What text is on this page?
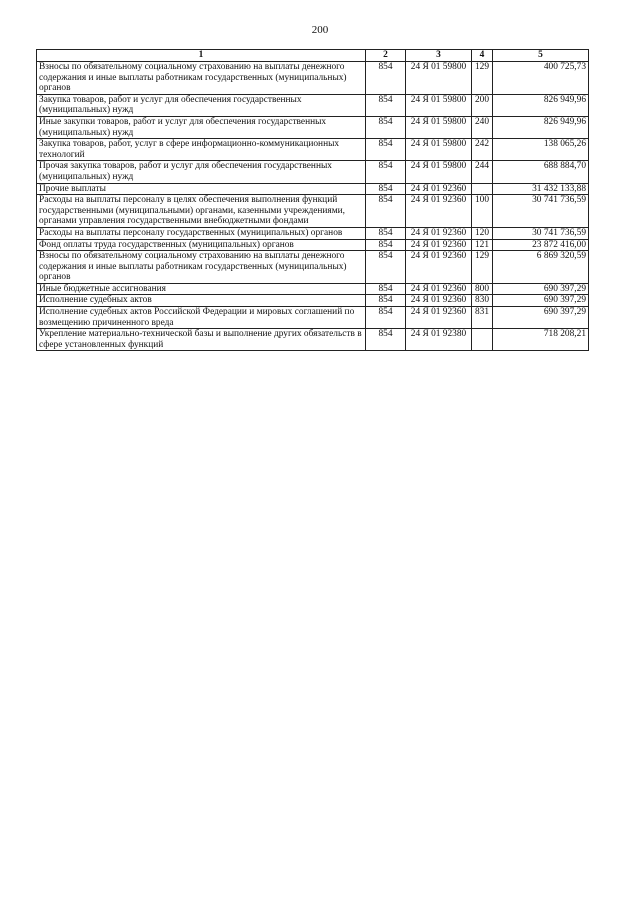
200
1	2	3	4	5
Взносы по обязательному социальному страхованию на выплаты денежного содержания и иные выплаты работникам государственных (муниципальных) органов	854	24 Я 01 59800	129	400 725,73
Закупка товаров, работ и услуг для обеспечения государственных (муниципальных) нужд	854	24 Я 01 59800	200	826 949,96
Иные закупки товаров, работ и услуг для обеспечения государственных (муниципальных) нужд	854	24 Я 01 59800	240	826 949,96
Закупка товаров, работ, услуг в сфере информационно-коммуникационных технологий	854	24 Я 01 59800	242	138 065,26
Прочая закупка товаров, работ и услуг для обеспечения государственных (муниципальных) нужд	854	24 Я 01 59800	244	688 884,70
Прочие выплаты	854	24 Я 01 92360		31 432 133,88
Расходы на выплаты персоналу в целях обеспечения выполнения функций государственными (муниципальными) органами, казенными учреждениями, органами управления государственными внебюджетными фондами	854	24 Я 01 92360	100	30 741 736,59
Расходы на выплаты персоналу государственных (муниципальных) органов	854	24 Я 01 92360	120	30 741 736,59
Фонд оплаты труда государственных (муниципальных) органов	854	24 Я 01 92360	121	23 872 416,00
Взносы по обязательному социальному страхованию на выплаты денежного содержания и иные выплаты работникам государственных (муниципальных) органов	854	24 Я 01 92360	129	6 869 320,59
Иные бюджетные ассигнования	854	24 Я 01 92360	800	690 397,29
Исполнение судебных актов	854	24 Я 01 92360	830	690 397,29
Исполнение судебных актов Российской Федерации и мировых соглашений по возмещению причиненного вреда	854	24 Я 01 92360	831	690 397,29
Укрепление материально-технической базы и выполнение других обязательств в сфере установленных функций	854	24 Я 01 92380		718 208,21
